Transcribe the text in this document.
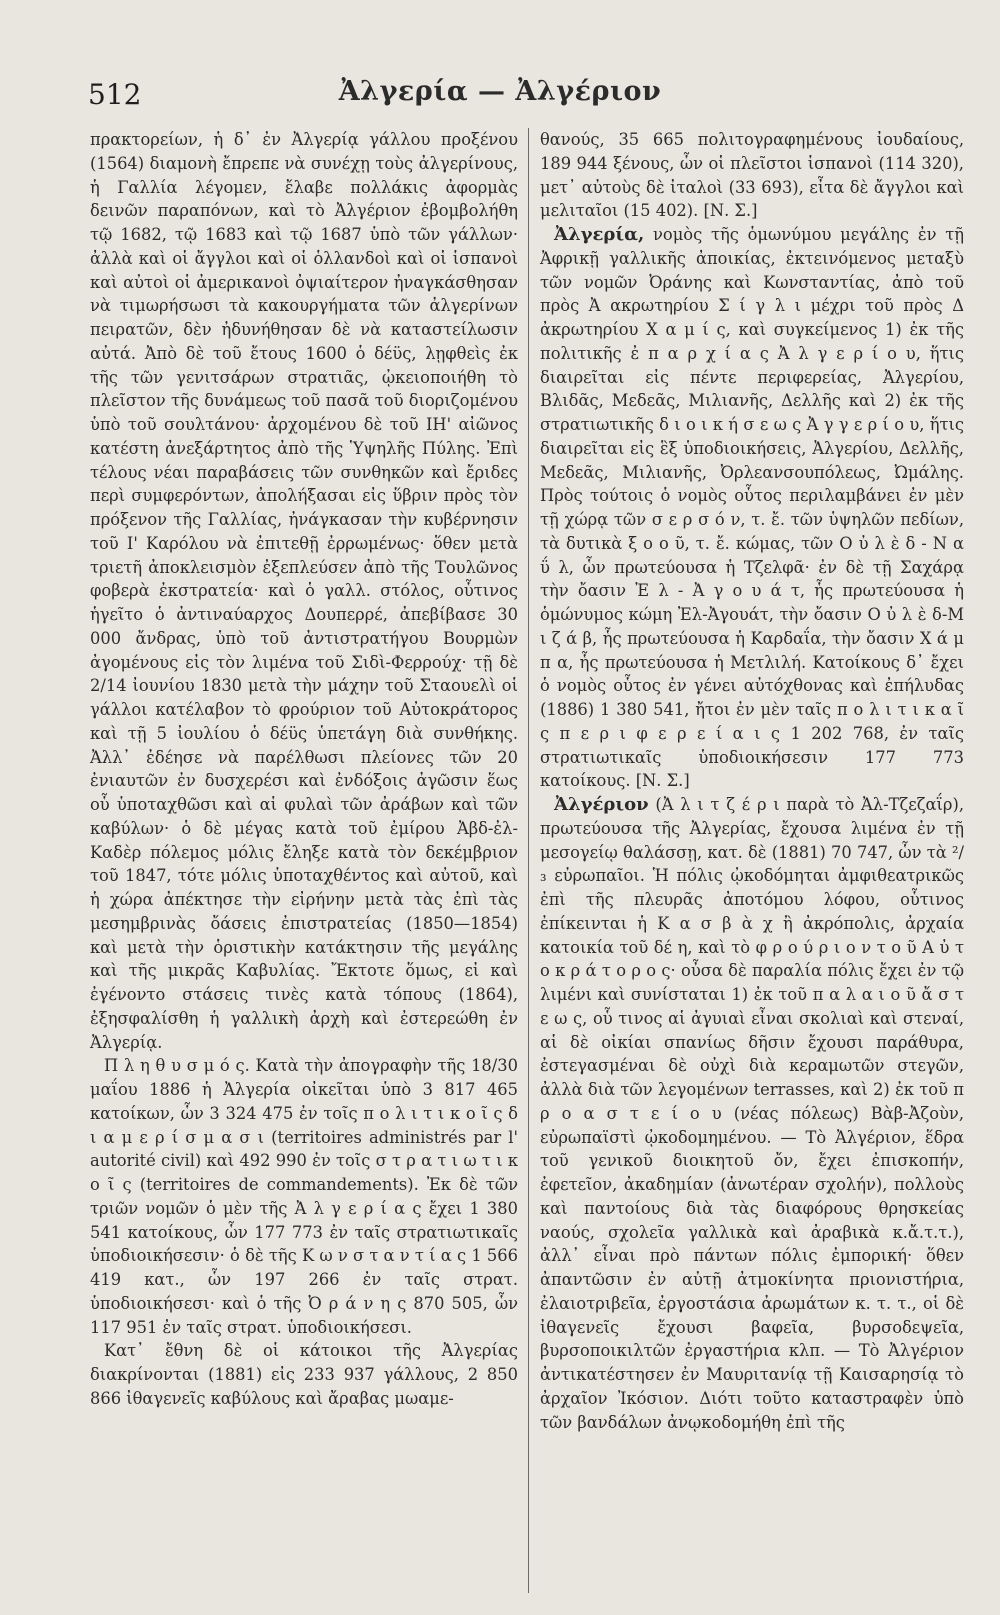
512	Ἀλγερία — Ἀλγέριον

πρακτορείων, ἡ δ᾽ ἐν Ἀλγερίᾳ γάλλου προξένου (1564) διαμονὴ ἔπρεπε νὰ συνέχῃ τοὺς ἀλγερίνους, ἡ Γαλλία λέγομεν, ἔλαβε πολλάκις ἀφορμὰς δεινῶν παραπόνων, καὶ τὸ Ἀλγέριον ἐβομβολήθη τῷ 1682, τῷ 1683 καὶ τῷ 1687 ὑπὸ τῶν γάλλων· ἀλλὰ καὶ οἱ ἄγγλοι καὶ οἱ ὁλλανδοὶ καὶ οἱ ἱσπανοὶ καὶ αὐτοὶ οἱ ἀμερικανοὶ ὀψιαίτερον ἠναγκάσθησαν νὰ τιμωρήσωσι τὰ κακουργήματα τῶν ἀλγερίνων πειρατῶν, δὲν ἠδυνήθησαν δὲ νὰ καταστείλωσιν αὐτά. Ἀπὸ δὲ τοῦ ἔτους 1600 ὁ δέϋς, λῃφθεὶς ἐκ τῆς τῶν γενιτσάρων στρατιᾶς, ᾠκειοποιήθη τὸ πλεῖστον τῆς δυνάμεως τοῦ πασᾶ τοῦ διοριζομένου ὑπὸ τοῦ σουλτάνου· ἀρχομένου δὲ τοῦ ΙΗ' αἰῶνος κατέστη ἀνεξάρτητος ἀπὸ τῆς Ὑψηλῆς Πύλης. Ἐπὶ τέλους νέαι παραβάσεις τῶν συνθηκῶν καὶ ἔριδες περὶ συμφερόντων, ἀπολήξασαι εἰς ὕβριν πρὸς τὸν πρόξενον τῆς Γαλλίας, ἠνάγκασαν τὴν κυβέρνησιν τοῦ Ι' Καρόλου νὰ ἐπιτεθῇ ἐρρωμένως· ὅθεν μετὰ τριετῆ ἀποκλεισμὸν ἐξεπλεύσεν ἀπὸ τῆς Τουλῶνος φοβερὰ ἐκστρατεία· καὶ ὁ γαλλ. στόλος, οὗτινος ἡγεῖτο ὁ ἀντιναύαρχος Δουπερρέ, ἀπεβίβασε 30 000 ἄνδρας, ὑπὸ τοῦ ἀντιστρατήγου Βουρμὼν ἀγομένους εἰς τὸν λιμένα τοῦ Σιδὶ-Φερρούχ· τῇ δὲ 2/14 ἰουνίου 1830 μετὰ τὴν μάχην τοῦ Σταουελὶ οἱ γάλλοι κατέλαβον τὸ φρούριον τοῦ Αὐτοκράτορος καὶ τῇ 5 ἰουλίου ὁ δέϋς ὑπετάγη διὰ συνθήκης. Ἀλλ᾽ ἐδέησε νὰ παρέλθωσι πλείονες τῶν 20 ἐνιαυτῶν ἐν δυσχερέσι καὶ ἐνδόξοις ἀγῶσιν ἕως οὗ ὑποταχθῶσι καὶ αἱ φυλαὶ τῶν ἀράβων καὶ τῶν καβύλων· ὁ δὲ μέγας κατὰ τοῦ ἐμίρου Ἀβδ-ἐλ-Καδὲρ πόλεμος μόλις ἔληξε κατὰ τὸν δεκέμβριον τοῦ 1847, τότε μόλις ὑποταχθέντος καὶ αὐτοῦ, καὶ ἡ χώρα ἀπέκτησε τὴν εἰρήνην μετὰ τὰς ἐπὶ τὰς μεσημβρινὰς ὄάσεις ἐπιστρατείας (1850—1854) καὶ μετὰ τὴν ὁριστικὴν κατάκτησιν τῆς μεγάλης καὶ τῆς μικρᾶς Καβυλίας. Ἔκτοτε ὅμως, εἰ καὶ ἐγένοντο στάσεις τινὲς κατὰ τόπους (1864), ἐξησφαλίσθη ἡ γαλλικὴ ἀρχὴ καὶ ἐστερεώθη ἐν Ἀλγερίᾳ.

Π λ η θ υ σ μ ό ς. Κατὰ τὴν ἀπογραφὴν τῆς 18/30 μαΐου 1886 ἡ Ἀλγερία οἰκεῖται ὑπὸ 3 817 465 κατοίκων, ὧν 3 324 475 ἐν τοῖς π ο λ ι τ ι κ ο ῖ ς δ ι α μ ε ρ ί σ μ α σ ι (territoires administrés par l' autorité civil) καὶ 492 990 ἐν τοῖς σ τ ρ α τ ι ω τ ι κ ο ῖ ς (territoires de commandements). Ἐκ δὲ τῶν τριῶν νομῶν ὁ μὲν τῆς Ἀ λ γ ε ρ ί α ς ἔχει 1 380 541 κατοίκους, ὧν 177 773 ἐν ταῖς στρατιωτικαῖς ὑποδιοικήσεσιν· ὁ δὲ τῆς Κ ω ν σ τ α ν τ ί α ς 1 566 419 κατ., ὧν 197 266 ἐν ταῖς στρατ. ὑποδιοικήσεσι· καὶ ὁ τῆς Ὀ ρ ά ν η ς 870 505, ὧν 117 951 ἐν ταῖς στρατ. ὑποδιοικήσεσι.

Κατ᾽ ἔθνη δὲ οἱ κάτοικοι τῆς Ἀλγερίας διακρίνονται (1881) εἰς 233 937 γάλλους, 2 850 866 ἰθαγενεῖς καβύλους καὶ ἄραβας μωαμε-

θανούς, 35 665 πολιτογραφημένους ἰουδαίους, 189 944 ξένους, ὧν οἱ πλεῖστοι ἱσπανοὶ (114 320), μετ᾽ αὐτοὺς δὲ ἰταλοὶ (33 693), εἶτα δὲ ἄγγλοι καὶ μελιταῖοι (15 402). [Ν. Σ.]

Ἀλγερία, νομὸς τῆς ὁμωνύμου μεγάλης ἐν τῇ Ἀφρικῇ γαλλικῆς ἀποικίας, ἐκτεινόμενος μεταξὺ τῶν νομῶν Ὀράνης καὶ Κωνσταντίας, ἀπὸ τοῦ πρὸς Ἀ ακρωτηρίου Σ ί γ λ ι μέχρι τοῦ πρὸς Δ ἀκρωτηρίου Χ α μ ί ς, καὶ συγκείμενος 1) ἐκ τῆς πολιτικῆς ἐ π α ρ χ ί α ς Ἀ λ γ ε ρ ί ο υ, ἥτις διαιρεῖται εἰς πέντε περιφερείας, Ἀλγερίου, Βλιδᾶς, Μεδεᾶς, Μιλιανῆς, Δελλῆς καὶ 2) ἐκ τῆς στρατιωτικῆς δ ι ο ι κ ή σ ε ω ς Ἀ γ γ ε ρ ί ο υ, ἥτις διαιρεῖται εἰς ἓξ ὑποδιοικήσεις, Ἀλγερίου, Δελλῆς, Μεδεᾶς, Μιλιανῆς, Ὀρλεανσουπόλεως, Ὠμάλης. Πρὸς τούτοις ὁ νομὸς οὗτος περιλαμβάνει ἐν μὲν τῇ χώρᾳ τῶν σ ε ρ σ ό ν, τ. ἔ. τῶν ὑψηλῶν πεδίων, τὰ δυτικὰ ξ ο ο ῦ, τ. ἔ. κώμας, τῶν Ο ὐ λ ὲ δ - Ν α ΰ λ, ὧν πρωτεύουσα ἡ Τζελφᾶ· ἐν δὲ τῇ Σαχάρᾳ τὴν ὄασιν Ἐ λ - Ἀ γ ο υ ά τ, ἧς πρωτεύουσα ἡ ὁμώνυμος κώμη Ἐλ-Ἀγουάτ, τὴν ὄασιν Ο ὐ λ ὲ δ-Μ ι ζ ά β, ἧς πρωτεύουσα ἡ Καρδαΐα, τὴν ὄασιν Χ ά μ π α, ἧς πρωτεύουσα ἡ Μετλιλή. Κατοίκους δ᾽ ἔχει ὁ νομὸς οὗτος ἐν γένει αὐτόχθονας καὶ ἐπήλυδας (1886) 1 380 541, ἤτοι ἐν μὲν ταῖς π ο λ ι τ ι κ α ῖ ς π ε ρ ι φ ε ρ ε ί α ι ς 1 202 768, ἐν ταῖς στρατιωτικαῖς ὑποδιοικήσεσιν 177 773 κατοίκους. [Ν. Σ.]

Ἀλγέριον (Ἀ λ ι τ ζ έ ρ ι παρὰ τὸ Ἀλ-Τζεζαΐρ), πρωτεύουσα τῆς Ἀλγερίας, ἔχουσα λιμένα ἐν τῇ μεσογείῳ θαλάσσῃ, κατ. δὲ (1881) 70 747, ὧν τὰ ²/₃ εὐρωπαῖοι. Ἡ πόλις ᾠκοδόμηται ἀμφιθεατρικῶς ἐπὶ τῆς πλευρᾶς ἀποτόμου λόφου, οὗτινος ἐπίκεινται ἡ Κ α σ β ὰ χ ἢ ἀκρόπολις, ἀρχαία κατοικία τοῦ δέ η, καὶ τὸ φ ρ ο ύ ρ ι ο ν τ ο ῦ Α ὐ τ ο κ ρ ά τ ο ρ ο ς· οὖσα δὲ παραλία πόλις ἔχει ἐν τῷ λιμένι καὶ συνίσταται 1) ἐκ τοῦ π α λ α ι ο ῦ ἄ σ τ ε ω ς, οὗ τινος αἱ ἀγυιαὶ εἶναι σκολιαὶ καὶ στεναί, αἱ δὲ οἰκίαι σπανίως δῆσιν ἔχουσι παράθυρα, ἐστεγασμέναι δὲ οὐχὶ διὰ κεραμωτῶν στεγῶν, ἀλλὰ διὰ τῶν λεγομένων terrasses, καὶ 2) ἐκ τοῦ π ρ ο α σ τ ε ί ο υ (νέας πόλεως) Βὰβ-Ἀζοὺν, εὐρωπαϊστὶ ᾠκοδομημένου. — Τὸ Ἀλγέριον, ἕδρα τοῦ γενικοῦ διοικητοῦ ὄν, ἔχει ἐπισκοπήν, ἐφετεῖον, ἀκαδημίαν (ἀνωτέραν σχολήν), πολλοὺς καὶ παντοίους διὰ τὰς διαφόρους θρησκείας ναούς, σχολεῖα γαλλικὰ καὶ ἀραβικὰ κ.ἄ.τ.τ.), ἀλλ᾽ εἶναι πρὸ πάντων πόλις ἐμπορική· ὅθεν ἀπαντῶσιν ἐν αὐτῇ ἀτμοκίνητα πριονιστήρια, ἐλαιοτριβεῖα, ἐργοστάσια ἀρωμάτων κ. τ. τ., οἱ δὲ ἰθαγενεῖς ἔχουσι βαφεῖα, βυρσοδεψεῖα, βυρσοποικιλτῶν ἐργαστήρια κλπ. — Τὸ Ἀλγέριον ἀντικατέστησεν ἐν Μαυριτανίᾳ τῇ Καισαρησίᾳ τὸ ἀρχαῖον Ἰκόσιον. Διότι τοῦτο καταστραφὲν ὑπὸ τῶν βανδάλων ἀνῳκοδομήθη ἐπὶ τῆς
